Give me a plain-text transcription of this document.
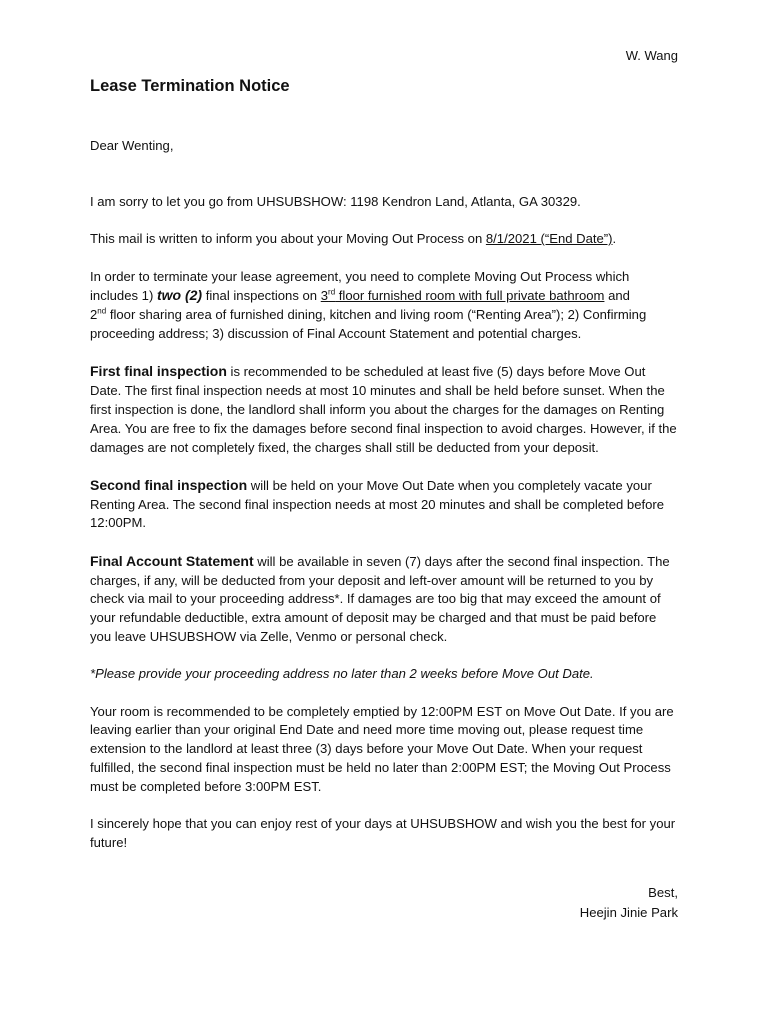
W. Wang
Lease Termination Notice

Dear Wenting,

I am sorry to let you go from UHSUBSHOW: 1198 Kendron Land, Atlanta, GA 30329.

This mail is written to inform you about your Moving Out Process on 8/1/2021 (“End Date”).

In order to terminate your lease agreement, you need to complete Moving Out Process which includes 1) two (2) final inspections on 3rd floor furnished room with full private bathroom and
2nd floor sharing area of furnished dining, kitchen and living room (“Renting Area”); 2) Confirming proceeding address; 3) discussion of Final Account Statement and potential charges.

First final inspection is recommended to be scheduled at least five (5) days before Move Out Date. The first final inspection needs at most 10 minutes and shall be held before sunset. When the first inspection is done, the landlord shall inform you about the charges for the damages on Renting Area. You are free to fix the damages before second final inspection to avoid charges. However, if the damages are not completely fixed, the charges shall still be deducted from your deposit.

Second final inspection will be held on your Move Out Date when you completely vacate your Renting Area. The second final inspection needs at most 20 minutes and shall be completed before 12:00PM.

Final Account Statement will be available in seven (7) days after the second final inspection. The charges, if any, will be deducted from your deposit and left-over amount will be returned to you by check via mail to your proceeding address*. If damages are too big that may exceed the amount of your refundable deductible, extra amount of deposit may be charged and that must be paid before you leave UHSUBSHOW via Zelle, Venmo or personal check.

*Please provide your proceeding address no later than 2 weeks before Move Out Date.

Your room is recommended to be completely emptied by 12:00PM EST on Move Out Date. If you are leaving earlier than your original End Date and need more time moving out, please request time extension to the landlord at least three (3) days before your Move Out Date. When your request fulfilled, the second final inspection must be held no later than 2:00PM EST; the Moving Out Process must be completed before 3:00PM EST.

I sincerely hope that you can enjoy rest of your days at UHSUBSHOW and wish you the best for your future!

Best,
Heejin Jinie Park
